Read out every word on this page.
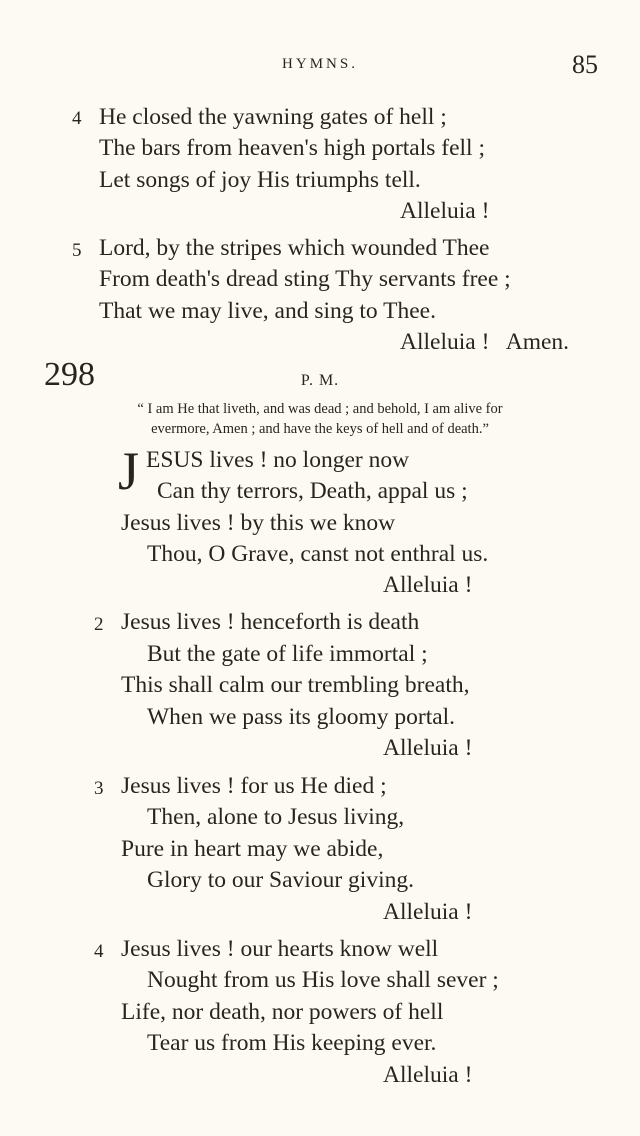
HYMNS.	85
4 He closed the yawning gates of hell ;
The bars from heaven's high portals fell ;
Let songs of joy His triumphs tell.
Alleluia !
5 Lord, by the stripes which wounded Thee
From death's dread sting Thy servants free ;
That we may live, and sing to Thee.
Alleluia !   Amen.
298	P. M.
“ I am He that liveth, and was dead ; and behold, I am alive for
evermore, Amen ; and have the keys of hell and of death.”
J ESUS lives ! no longer now
Can thy terrors, Death, appal us ;
Jesus lives ! by this we know
Thou, O Grave, canst not enthral us.
Alleluia !
2 Jesus lives ! henceforth is death
But the gate of life immortal ;
This shall calm our trembling breath,
When we pass its gloomy portal.
Alleluia !
3 Jesus lives ! for us He died ;
Then, alone to Jesus living,
Pure in heart may we abide,
Glory to our Saviour giving.
Alleluia !
4 Jesus lives ! our hearts know well
Nought from us His love shall sever ;
Life, nor death, nor powers of hell
Tear us from His keeping ever.
Alleluia !
